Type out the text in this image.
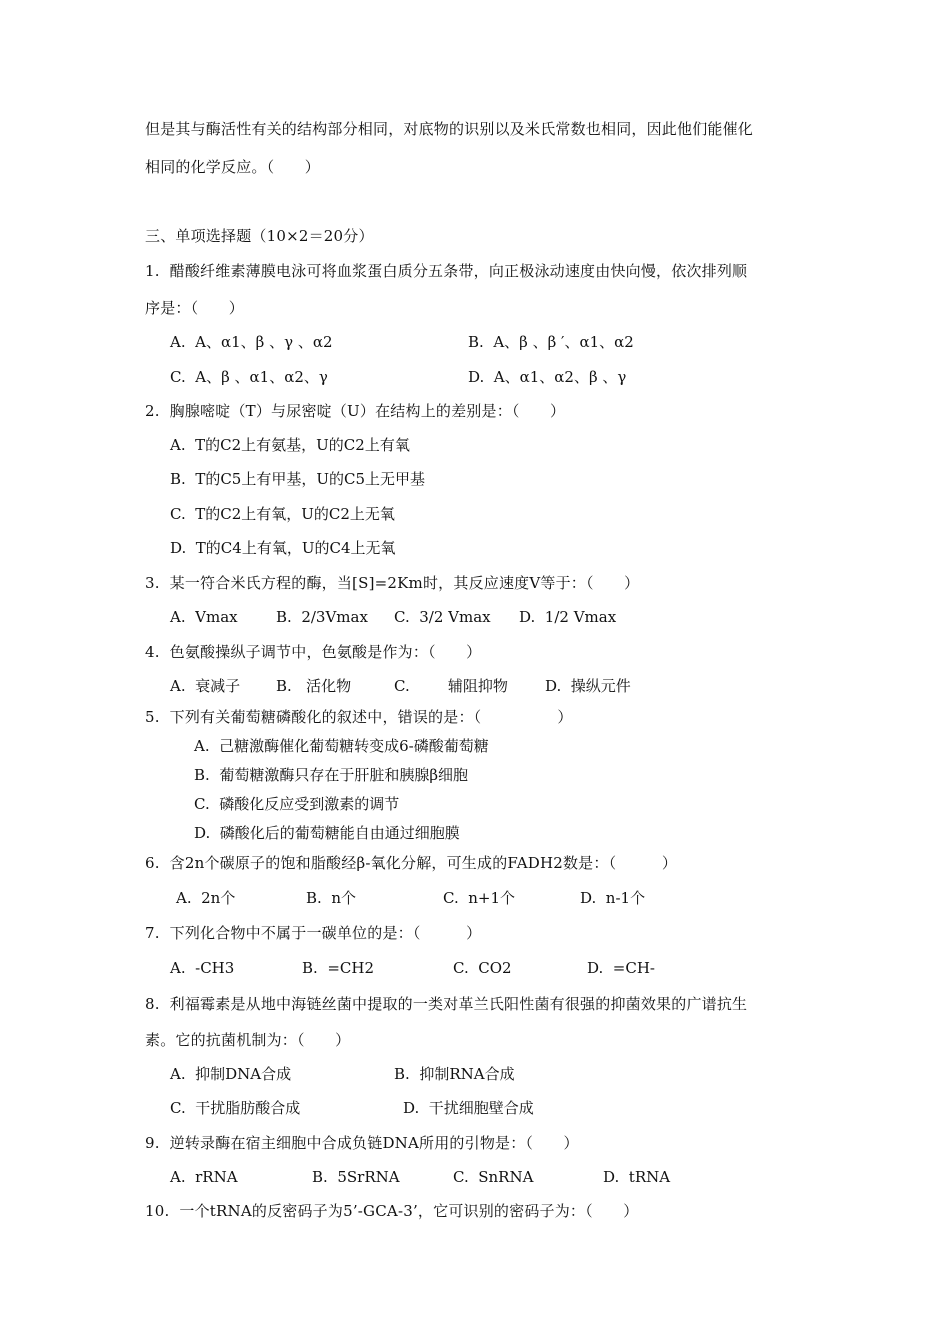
但是其与酶活性有关的结构部分相同，对底物的识别以及米氏常数也相同，因此他们能催化
相同的化学反应。（　　）
三、单项选择题（10×2＝20分）
1.  醋酸纤维素薄膜电泳可将血浆蛋白质分五条带，向正极泳动速度由快向慢，依次排列顺
序是：（　　）
A.  A、α1、β 、γ 、α2	B.  A、β 、β ′、α1、α2
C.  A、β 、α1、α2、γ	D.  A、α1、α2、β 、γ
2.  胸腺嘧啶（T）与尿密啶（U）在结构上的差别是：（　　）
A.  T的C2上有氨基，U的C2上有氧
B.  T的C5上有甲基，U的C5上无甲基
C.  T的C2上有氧，U的C2上无氧
D.  T的C4上有氧，U的C4上无氧
3.  某一符合米氏方程的酶，当[S]=2Km时，其反应速度V等于：（　　）
A.  Vmax	B.  2/3Vmax C.  3/2 Vmax D.  1/2 Vmax
4.  色氨酸操纵子调节中，色氨酸是作为：（　　）
A.  衰减子 B.   活化物	C.        辅阻抑物 D.  操纵元件
5.  下列有关葡萄糖磷酸化的叙述中，错误的是：（　　　　　）
A.  己糖激酶催化葡萄糖转变成6-磷酸葡萄糖
B.  葡萄糖激酶只存在于肝脏和胰腺β细胞
C.  磷酸化反应受到激素的调节
D.  磷酸化后的葡萄糖能自由通过细胞膜
6.  含2n个碳原子的饱和脂酸经β-氧化分解，可生成的FADH2数是：（　　　）
A.  2n个	B.  n个	C.  n+1个	D.  n-1个
7.  下列化合物中不属于一碳单位的是：（　　　）
A.  -CH3	B.  =CH2	C.  CO2	D.  =CH-
8.  利福霉素是从地中海链丝菌中提取的一类对革兰氏阳性菌有很强的抑菌效果的广谱抗生
素。它的抗菌机制为：（　　）
A.  抑制DNA合成	B.  抑制RNA合成
C.  干扰脂肪酸合成	D.  干扰细胞壁合成
9.  逆转录酶在宿主细胞中合成负链DNA所用的引物是：（　　）
A.  rRNA	B.  5SrRNA	C.  SnRNA	D.  tRNA
10.  一个tRNA的反密码子为5’-GCA-3’，它可识别的密码子为：（　　）
